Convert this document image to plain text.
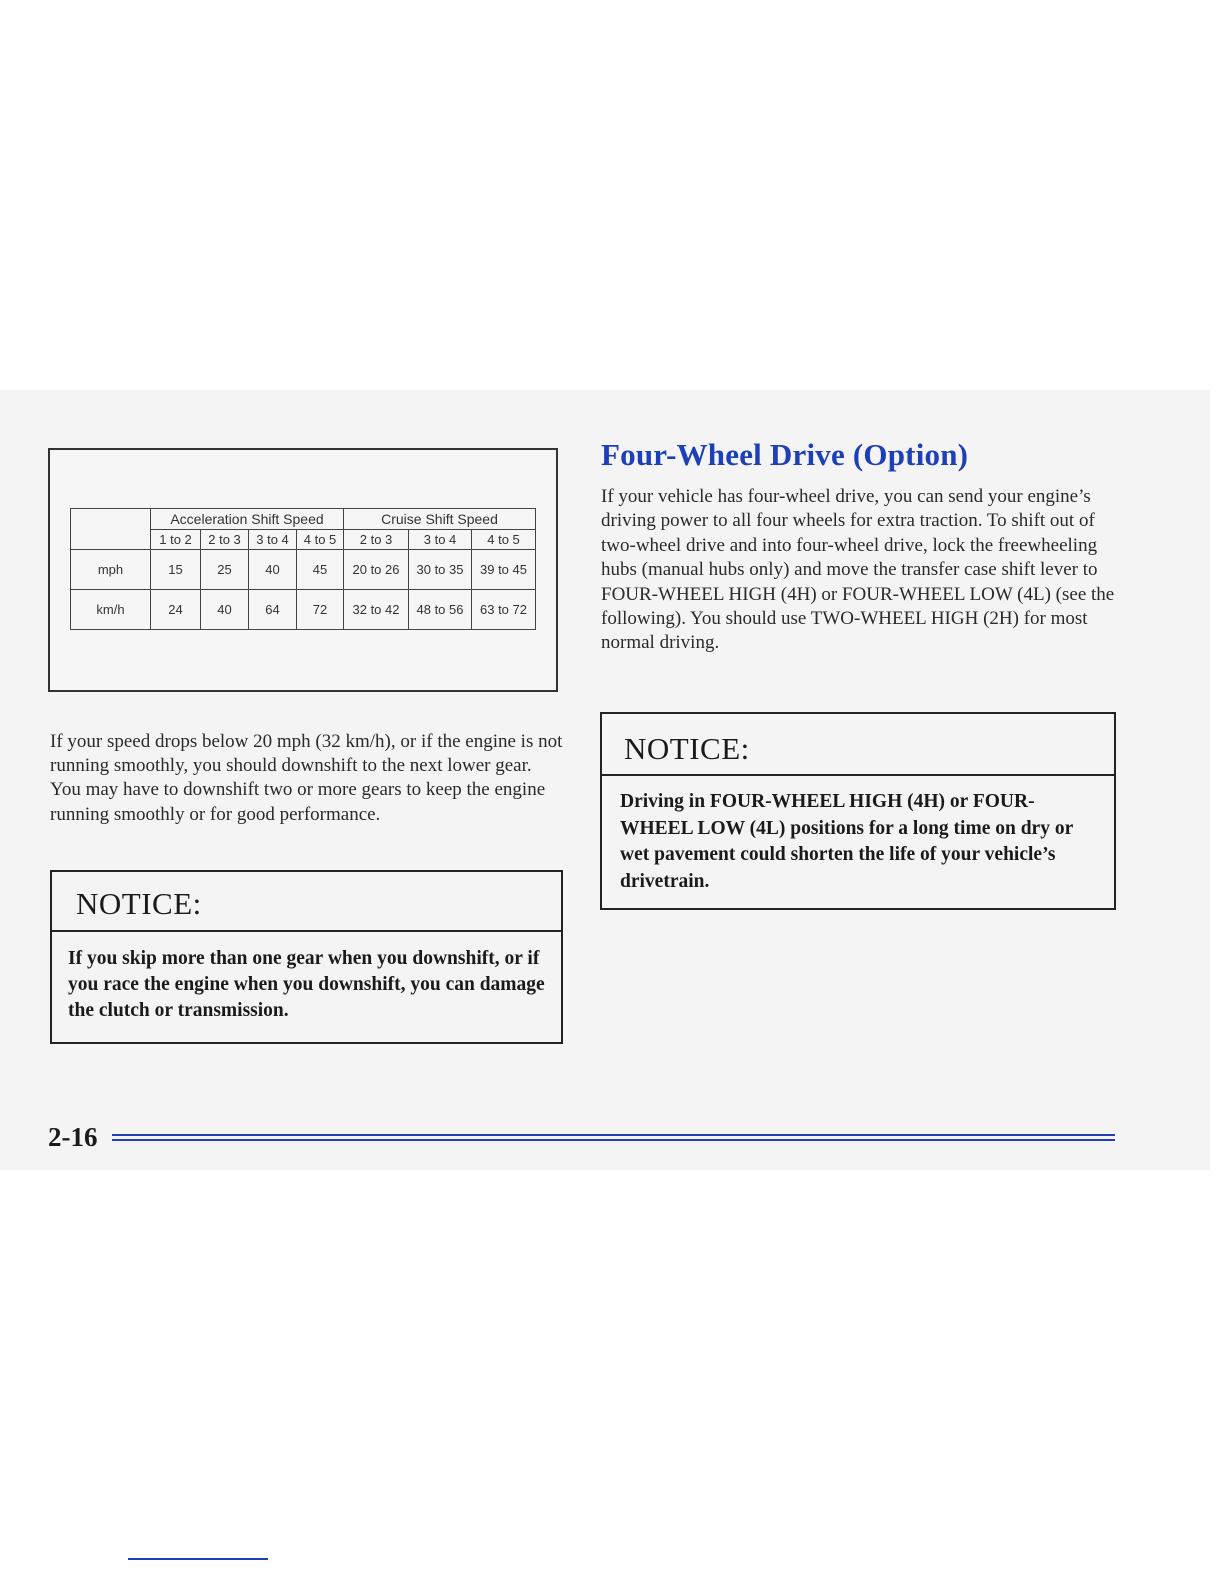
	Acceleration Shift Speed				Cruise Shift Speed		
	1 to 2	2 to 3	3 to 4	4 to 5	2 to 3	3 to 4	4 to 5
mph	15	25	40	45	20 to 26	30 to 35	39 to 45
km/h	24	40	64	72	32 to 42	48 to 56	63 to 72

If your speed drops below 20 mph (32 km/h), or if the engine is not running smoothly, you should downshift to the next lower gear. You may have to downshift two or more gears to keep the engine running smoothly or for good performance.

NOTICE:
If you skip more than one gear when you downshift, or if you race the engine when you downshift, you can damage the clutch or transmission.
Four-Wheel Drive (Option)

If your vehicle has four-wheel drive, you can send your engine’s driving power to all four wheels for extra traction. To shift out of two-wheel drive and into four-wheel drive, lock the freewheeling hubs (manual hubs only) and move the transfer case shift lever to FOUR-WHEEL HIGH (4H) or FOUR-WHEEL LOW (4L) (see the following). You should use TWO-WHEEL HIGH (2H) for most normal driving.

NOTICE:
Driving in FOUR-WHEEL HIGH (4H) or FOUR-WHEEL LOW (4L) positions for a long time on dry or wet pavement could shorten the life of your vehicle’s drivetrain.
2-16
